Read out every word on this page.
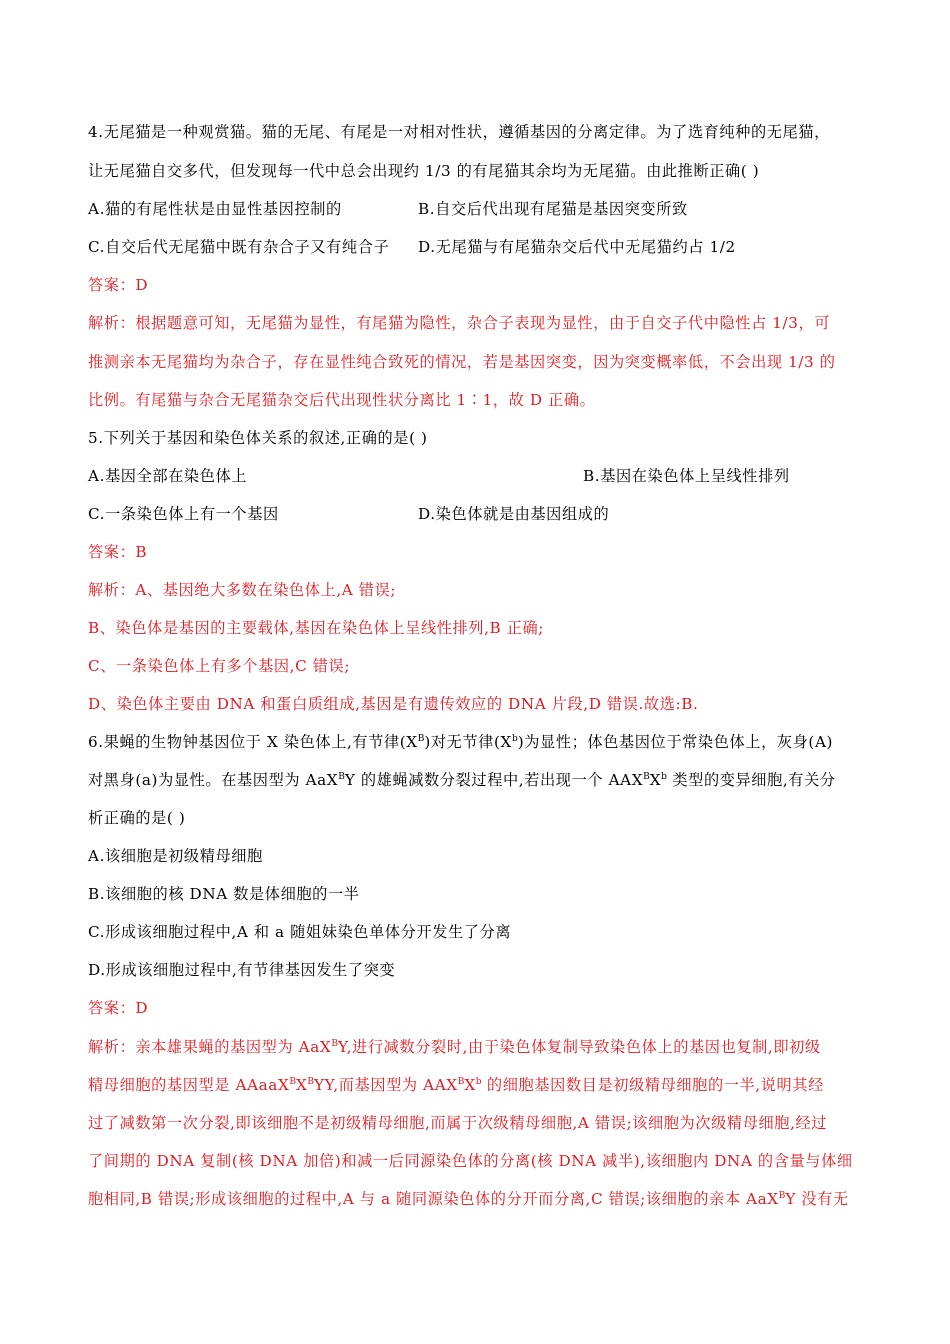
4.无尾猫是一种观赏猫。猫的无尾、有尾是一对相对性状，遵循基因的分离定律。为了选育纯种的无尾猫，
让无尾猫自交多代，但发现每一代中总会出现约 1/3 的有尾猫其余均为无尾猫。由此推断正确( )
A.猫的有尾性状是由显性基因控制的	B.自交后代出现有尾猫是基因突变所致
C.自交后代无尾猫中既有杂合子又有纯合子 D.无尾猫与有尾猫杂交后代中无尾猫约占 1/2
答案：D
解析：根据题意可知，无尾猫为显性，有尾猫为隐性，杂合子表现为显性，由于自交子代中隐性占 1/3，可
推测亲本无尾猫均为杂合子，存在显性纯合致死的情况，若是基因突变，因为突变概率低，不会出现 1/3 的
比例。有尾猫与杂合无尾猫杂交后代出现性状分离比 1∶1，故 D 正确。
5.下列关于基因和染色体关系的叙述,正确的是( )
A.基因全部在染色体上	B.基因在染色体上呈线性排列
C.一条染色体上有一个基因	D.染色体就是由基因组成的
答案：B
解析：A、基因绝大多数在染色体上,A 错误;
B、染色体是基因的主要载体,基因在染色体上呈线性排列,B 正确;
C、一条染色体上有多个基因,C 错误;
D、染色体主要由 DNA 和蛋白质组成,基因是有遗传效应的 DNA 片段,D 错误.故选:B.
6.果蝇的生物钟基因位于 X 染色体上,有节律$(X^B)$对无节律$(X^b)$为显性；体色基因位于常染色体上，灰身(A)
对黑身(a)为显性。在基因型为 AaX$^B$Y 的雄蝇减数分裂过程中,若出现一个 $AAX^BX^b$ 类型的变异细胞,有关分
析正确的是( )
A.该细胞是初级精母细胞
B.该细胞的核 DNA 数是体细胞的一半
C.形成该细胞过程中,A 和 a 随姐妹染色单体分开发生了分离
D.形成该细胞过程中,有节律基因发生了突变
答案：D
解析：亲本雄果蝇的基因型为 AaX$^B$Y,进行减数分裂时,由于染色体复制导致染色体上的基因也复制,即初级
精母细胞的基因型是 $AAaaX^BX^BYY$,而基因型为 $AAX^BX^b$ 的细胞基因数目是初级精母细胞的一半,说明其经
过了减数第一次分裂,即该细胞不是初级精母细胞,而属于次级精母细胞,A 错误;该细胞为次级精母细胞,经过
了间期的 DNA 复制(核 DNA 加倍)和减一后同源染色体的分离(核 DNA 减半),该细胞内 DNA 的含量与体细
胞相同,B 错误;形成该细胞的过程中,A 与 a 随同源染色体的分开而分离,C 错误;该细胞的亲本 AaX$^B$Y 没有无
